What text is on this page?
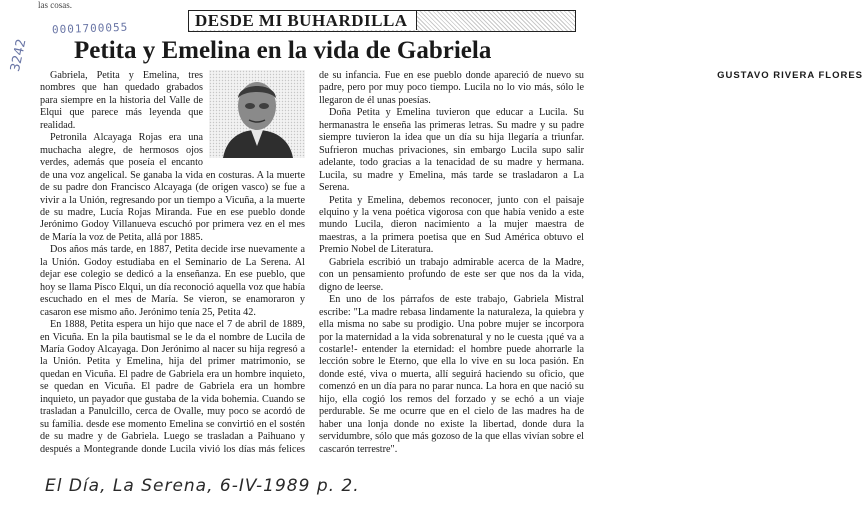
las cosas.
0001700055
3242
DESDE MI BUHARDILLA
Petita y Emelina en la vida de Gabriela

Gabriela, Petita y Emelina, tres nombres que han quedado grabados para siempre en la historia del Valle de Elqui que parece más leyenda que realidad.

Petronila Alcayaga Rojas era una muchacha alegre, de hermosos ojos verdes, además que poseía el encanto de una voz angelical. Se ganaba la vida en costuras. A la muerte de su padre don Francisco Alcayaga (de origen vasco) se fue a vivir a la Unión, regresando por un tiempo a Vicuña, a la muerte de su madre, Lucía Rojas Miranda. Fue en ese pueblo donde Jerónimo Godoy Villanueva escuchó por primera vez en el mes de María la voz de Petita, allá por 1885.

Dos años más tarde, en 1887, Petita decide irse nuevamente a la Unión. Godoy estudiaba en el Seminario de La Serena. Al dejar ese colegio se dedicó a la enseñanza. En ese pueblo, que hoy se llama Pisco Elqui, un día reconoció aquella voz que había escuchado en el mes de María. Se vieron, se enamoraron y casaron ese mismo año. Jerónimo tenía 25, Petita 42.

En 1888, Petita espera un hijo que nace el 7 de abril de 1889, en Vicuña. En la pila bautismal se le da el nombre de Lucila de María Godoy Alcayaga. Don Jerónimo al nacer su hija regresó a la Unión. Petita y Emelina, hija del primer matrimonio, se quedan en Vicuña. El padre de Gabriela era un hombre inquieto, se quedan en Vicuña. El padre de Gabriela era un hombre inquieto, un payador que gustaba de la vida bohemia. Cuando se trasladan a Panulcillo, cerca de Ovalle, muy poco se acordó de su familia. desde ese momento Emelina se convirtió en el sostén de su madre y de Gabriela. Luego se trasladan a Paihuano y después a Montegrande donde Lucila vivió los días más felices de su infancia. Fue en ese pueblo donde apareció de nuevo su padre, pero por muy poco tiempo. Lucila no lo vio más, sólo le llegaron de él unas poesías.

Doña Petita y Emelina tuvieron que educar a Lucila. Su hermanastra le enseña las primeras letras. Su madre y su padre siempre tuvieron la idea que un día su hija llegaría a triunfar. Sufrieron muchas privaciones, sin embargo Lucila supo salir adelante, todo gracias a la tenacidad de su madre y hermana. Lucila, su madre y Emelina, más tarde se trasladaron a La Serena.

Petita y Emelina, debemos reconocer, junto con el paisaje elquino y la vena poética vigorosa con que había venido a este mundo Lucila, dieron nacimiento a la mujer maestra de maestras, a la primera poetisa que en Sud América obtuvo el Premio Nobel de Literatura.

Gabriela escribió un trabajo admirable acerca de la Madre, con un pensamiento profundo de este ser que nos da la vida, digno de leerse.

En uno de los párrafos de este trabajo, Gabriela Mistral escribe: "La madre rebasa lindamente la naturaleza, la quiebra y ella misma no sabe su prodigio. Una pobre mujer se incorpora por la maternidad a la vida sobrenatural y no le cuesta ¡qué va a costarle!- entender la eternidad: el hombre puede ahorrarle la lección sobre le Eterno, que ella lo vive en su loca pasión. En donde esté, viva o muerta, allí seguirá haciendo su oficio, que comenzó en un día para no parar nunca. La hora en que nació su hijo, ella cogió los remos del forzado y se echó a un viaje perdurable. Se me ocurre que en el cielo de las madres ha de haber una lonja donde no existe la libertad, donde dura la servidumbre, sólo que más gozoso de la que ellas vivían sobre el cascarón terrestre".

GUSTAVO RIVERA FLORES

El Día, La Serena, 6-IV-1989 p. 2.
